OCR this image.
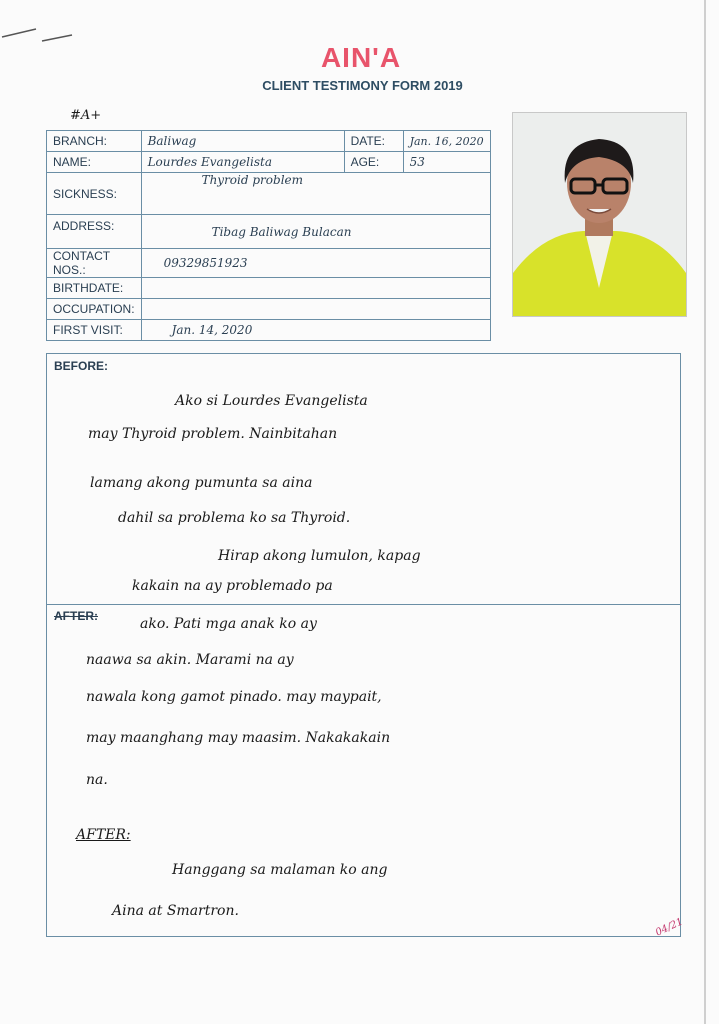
AIN'A
CLIENT TESTIMONY FORM 2019
#A+
BRANCH:	Baliwag	DATE:	Jan. 16, 2020
NAME:	Lourdes Evangelista	AGE:	53
SICKNESS:	Thyroid problem		
ADDRESS:	Tibag Baliwag Bulacan		
CONTACT NOS.:	09329851923		
BIRTHDATE:			
OCCUPATION:			
FIRST VISIT:	Jan. 14, 2020		
BEFORE:
Ako si Lourdes Evangelista
may Thyroid problem. Nainbitahan
lamang akong pumunta sa aina
dahil sa problema ko sa Thyroid.
Hirap akong lumulon, kapag
kakain na ay problemado pa
AFTER:	ako. Pati mga anak ko ay
naawa sa akin. Marami na ay
nawala kong gamot pinado. may maypait,
may maanghang may maasim. Nakakakain
na.
AFTER:
Hanggang sa malaman ko ang
Aina at Smartron.
04/21
